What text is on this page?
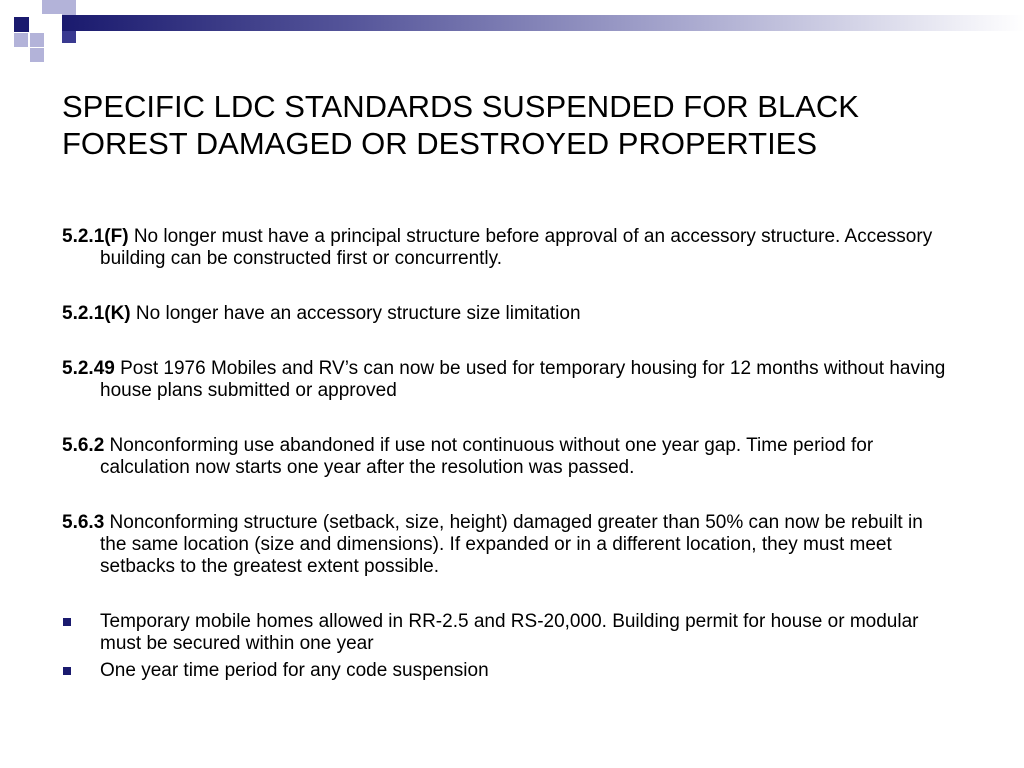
SPECIFIC LDC STANDARDS SUSPENDED FOR BLACK
FOREST DAMAGED OR DESTROYED PROPERTIES

5.2.1(F) No longer must have a principal structure before approval of an accessory structure. Accessory building can be constructed first or concurrently.

5.2.1(K) No longer have an accessory structure size limitation

5.2.49 Post 1976 Mobiles and RV’s can now be used for temporary housing for 12 months without having house plans submitted or approved

5.6.2 Nonconforming use abandoned if use not continuous without one year gap. Time period for calculation now starts one year after the resolution was passed.

5.6.3 Nonconforming structure (setback, size, height) damaged greater than 50% can now be rebuilt in the same location (size and dimensions). If expanded or in a different location, they must meet setbacks to the greatest extent possible.

Temporary mobile homes allowed in RR-2.5 and RS-20,000. Building permit for house or modular must be secured within one year
One year time period for any code suspension
